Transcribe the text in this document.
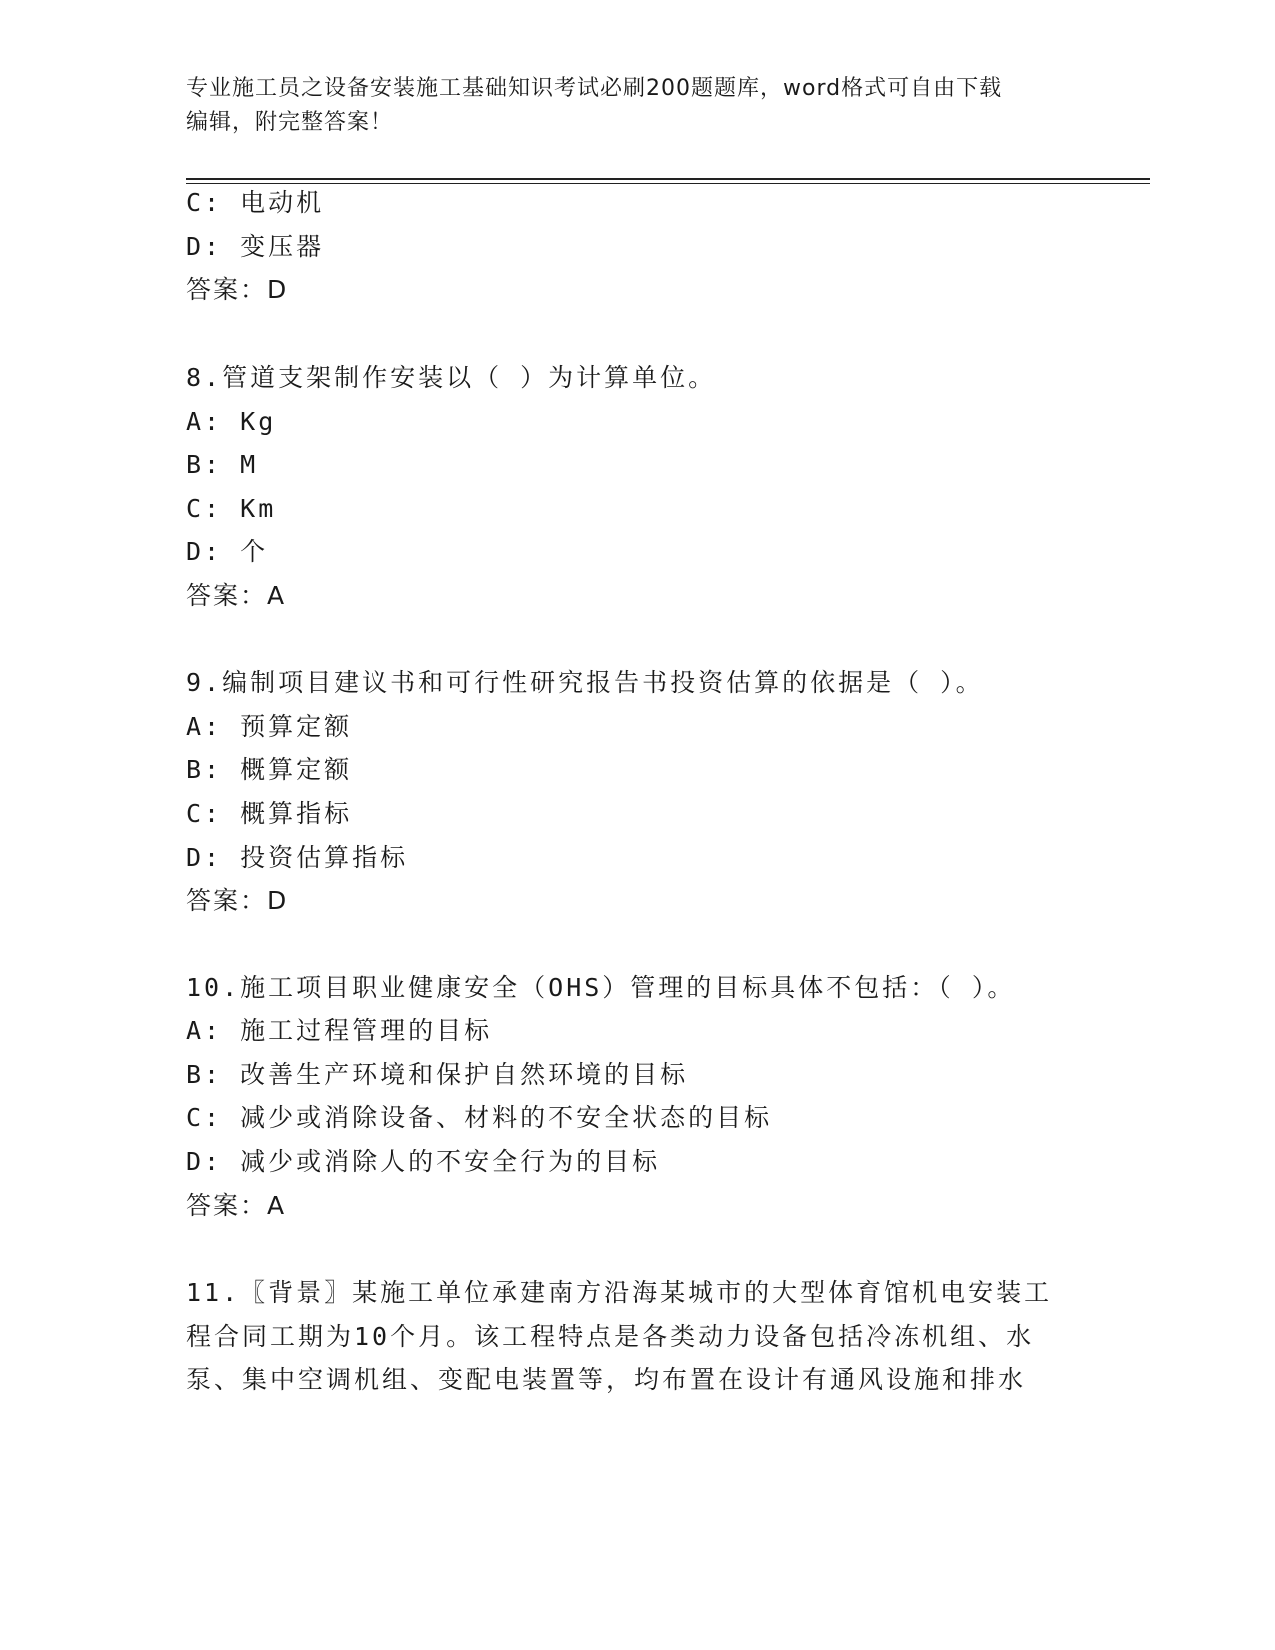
专业施工员之设备安装施工基础知识考试必刷200题题库，word格式可自由下载
编辑，附完整答案！
C: 电动机
D: 变压器
答案：D
8.管道支架制作安装以（ ）为计算单位。
A: Kg
B: M
C: Km
D: 个
答案：A
9.编制项目建议书和可行性研究报告书投资估算的依据是（ ）。
A: 预算定额
B: 概算定额
C: 概算指标
D: 投资估算指标
答案：D
10.施工项目职业健康安全（OHS）管理的目标具体不包括：（ ）。
A: 施工过程管理的目标
B: 改善生产环境和保护自然环境的目标
C: 减少或消除设备、材料的不安全状态的目标
D: 减少或消除人的不安全行为的目标
答案：A
11.〖背景〗某施工单位承建南方沿海某城市的大型体育馆机电安装工
程合同工期为10个月。该工程特点是各类动力设备包括冷冻机组、水
泵、集中空调机组、变配电装置等，均布置在设计有通风设施和排水
